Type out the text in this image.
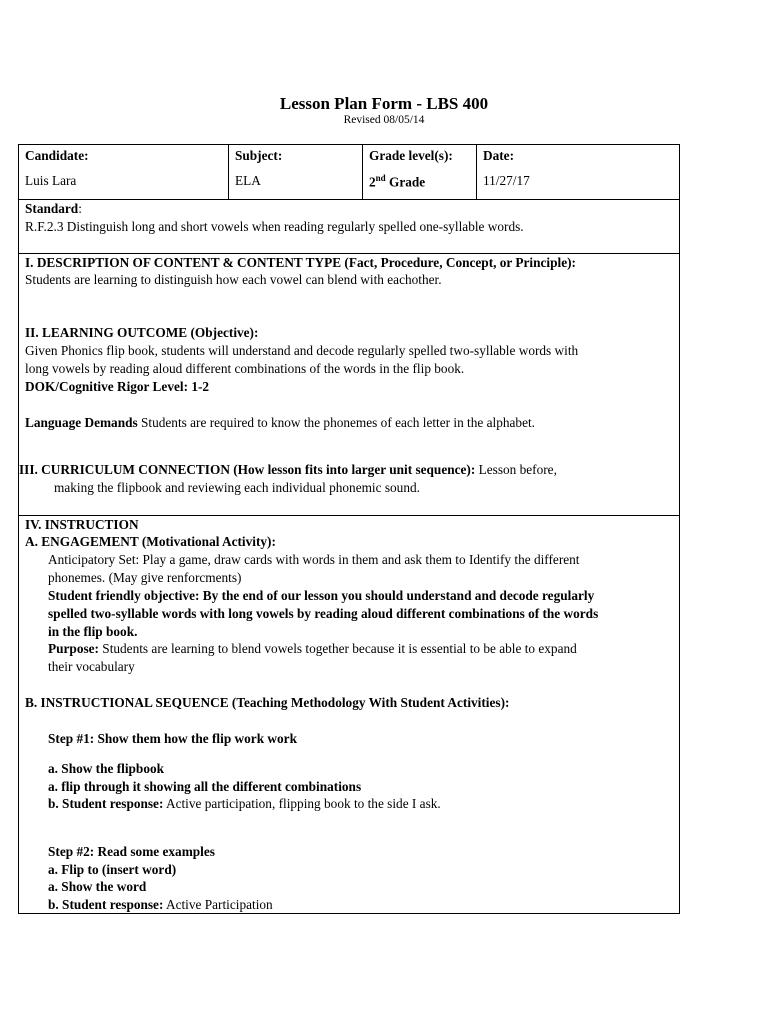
Lesson Plan Form - LBS 400
Revised 08/05/14
Candidate:
Luis Lara
Subject:
ELA
Grade level(s):
2nd Grade
Date:
11/27/17
Standard:
R.F.2.3 Distinguish long and short vowels when reading regularly spelled one-syllable words.
I. DESCRIPTION OF CONTENT & CONTENT TYPE (Fact, Procedure, Concept, or Principle):
Students are learning to distinguish how each vowel can blend with eachother.
II. LEARNING OUTCOME (Objective):
Given Phonics flip book, students will understand and decode regularly spelled two-syllable words with
long vowels by reading aloud different combinations of the words in the flip book.
DOK/Cognitive Rigor Level: 1-2
Language Demands Students are required to know the phonemes of each letter in the alphabet.
III. CURRICULUM CONNECTION (How lesson fits into larger unit sequence): Lesson before,
making the flipbook and reviewing each individual phonemic sound.
IV. INSTRUCTION
A. ENGAGEMENT (Motivational Activity):
Anticipatory Set: Play a game, draw cards with words in them and ask them to Identify the different
phonemes. (May give renforcments)
Student friendly objective: By the end of our lesson you should understand and decode regularly
spelled two-syllable words with long vowels by reading aloud different combinations of the words
in the flip book.
Purpose: Students are learning to blend vowels together because it is essential to be able to expand
their vocabulary
B. INSTRUCTIONAL SEQUENCE (Teaching Methodology With Student Activities):
Step #1: Show them how the flip work work
a. Show the flipbook
a. flip through it showing all the different combinations
b. Student response: Active participation, flipping book to the side I ask.
Step #2: Read some examples
a. Flip to (insert word)
a. Show the word
b. Student response: Active Participation
